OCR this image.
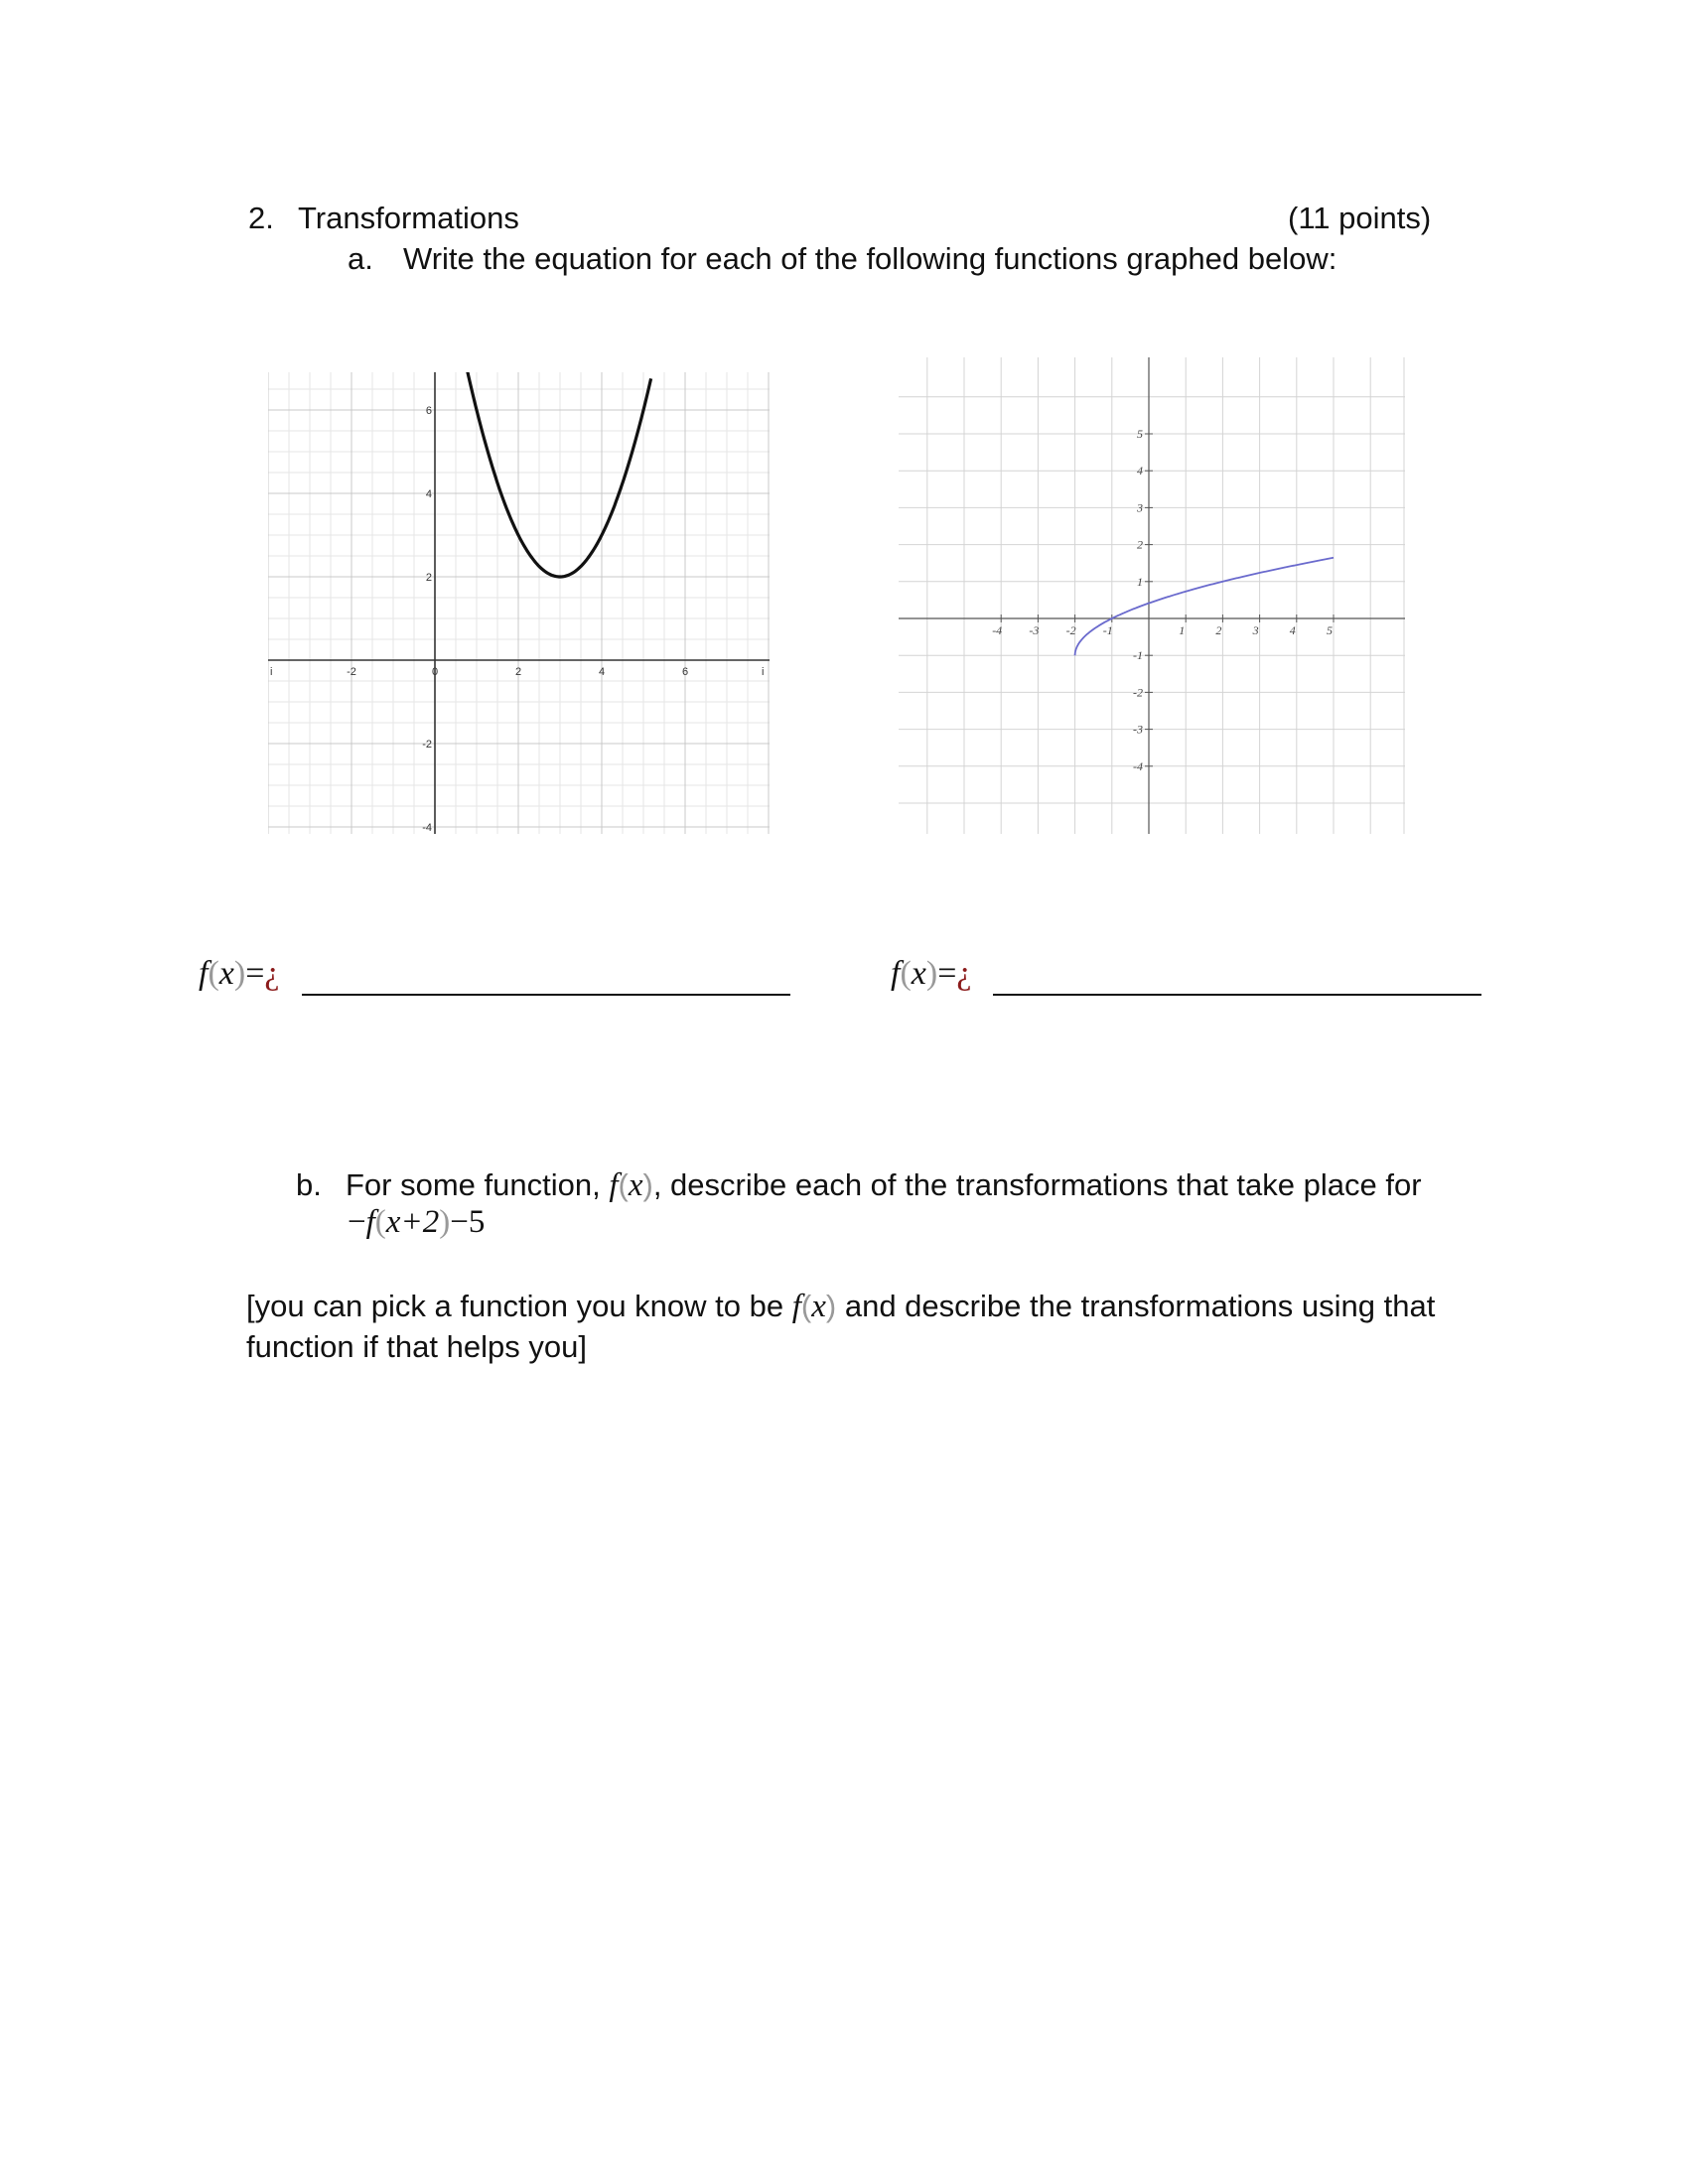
2. Transformations	(11 points)
a. Write the equation for each of the following functions graphed below:
-2	0	2	4	6
6
4
2
-2
-4
i	i
-4 -3 -2 -1	1	2	3	4	5
5
4
3
2
1
-1
-2
-3
-4
f(x)=¿	f(x)=¿
b. For some function, f(x), describe each of the transformations that take place for
−f(x+2)−5
[you can pick a function you know to be f(x) and describe the transformations using that
function if that helps you]
